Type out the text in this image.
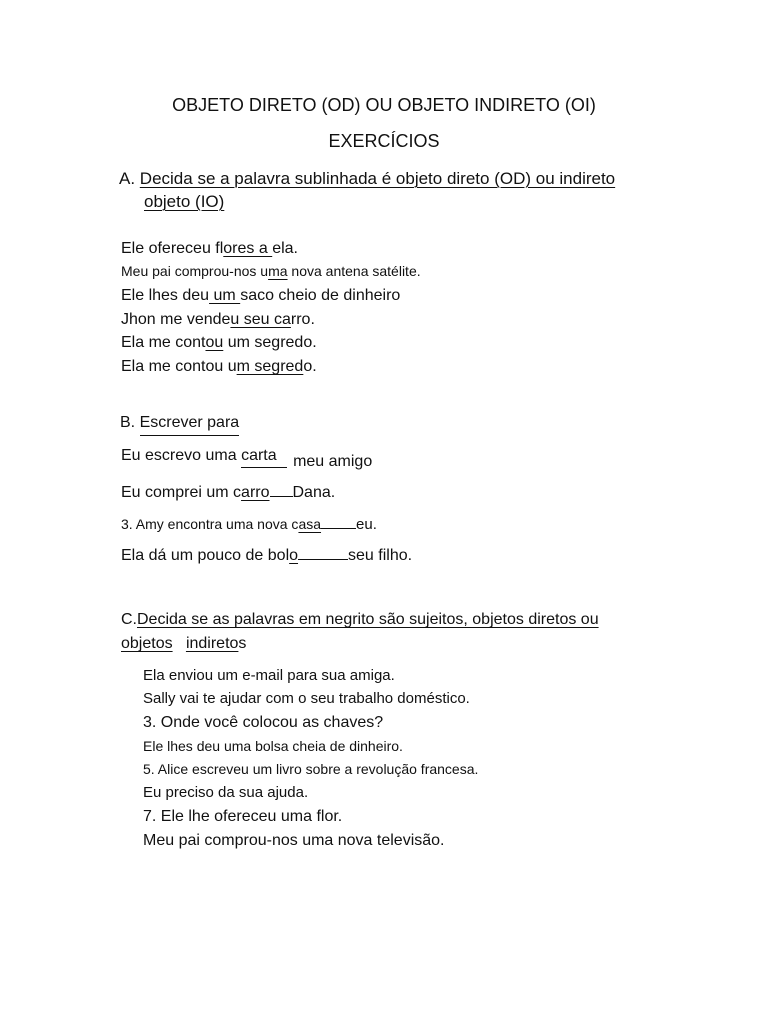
OBJETO DIRETO (OD) OU OBJETO INDIRETO (OI)
EXERCÍCIOS
A. Decida se a palavra sublinhada é objeto direto (OD) ou indireto
objeto (IO)
Ele ofereceu flores a ela.
Meu pai comprou-nos uma nova antena satélite.
Ele lhes deu um saco cheio de dinheiro
Jhon me vendeu seu carro.
Ela me contou um segredo.
Ela me contou um segredo.
B. Escrever para
Eu escrevo uma carta meu amigo
Eu comprei um carro Dana.
3. Amy encontra uma nova casa eu.
Ela dá um pouco de bolo	seu filho.
C.Decida se as palavras em negrito são sujeitos, objetos diretos ou
objetos indiretos
Ela enviou um e-mail para sua amiga.
Sally vai te ajudar com o seu trabalho doméstico.
3. Onde você colocou as chaves?
Ele lhes deu uma bolsa cheia de dinheiro.
5. Alice escreveu um livro sobre a revolução francesa.
Eu preciso da sua ajuda.
7. Ele lhe ofereceu uma flor.
Meu pai comprou-nos uma nova televisão.
